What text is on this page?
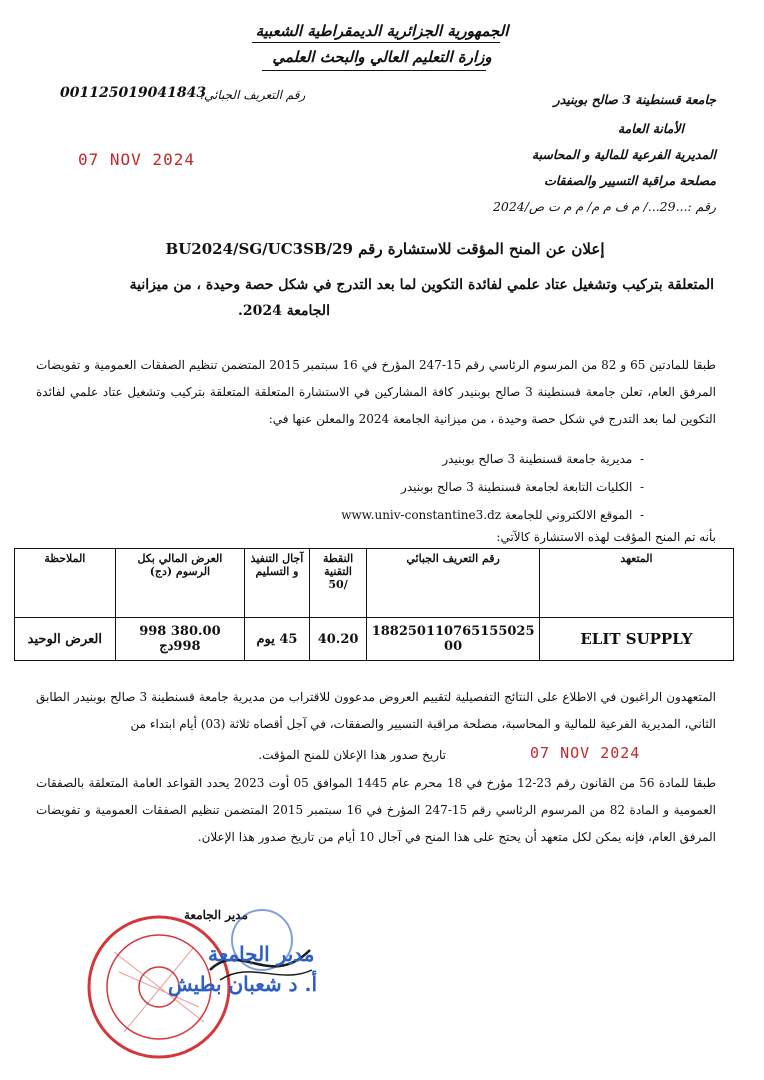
الجمهورية الجزائرية الديمقراطية الشعبية
وزارة التعليم العالي والبحث العلمي
001125019041843
رقم التعريف الجبائي:
07 NOV 2024
جامعة قسنطينة 3 صالح بوبنيدر
الأمانة العامة
المديرية الفرعية للمالية و المحاسبة
مصلحة مراقبة التسيير والصفقات
رقم :...29.../ م ف م م/ م م ت ص/2024
إعلان عن المنح المؤقت للاستشارة رقم BU2024/SG/UC3SB/29
المتعلقة بتركيب وتشغيل عتاد علمي لفائدة التكوين لما بعد التدرج في شكل حصة وحيدة ، من ميزانية
الجامعة 2024.
طبقا للمادتين 65 و 82 من المرسوم الرئاسي رقم 15-247 المؤرخ في 16 سبتمبر 2015 المتضمن تنظيم الصفقات العمومية و تفويضات المرفق العام، تعلن جامعة قسنطينة 3 صالح بوبنيدر كافة المشاركين في الاستشارة المتعلقة المتعلقة بتركيب وتشغيل عتاد علمي لفائدة التكوين لما بعد التدرج في شكل حصة وحيدة ، من ميزانية الجامعة 2024 والمعلن عنها في:
-  مديرية جامعة قسنطينة 3 صالح بوبنيدر
-  الكليات التابعة لجامعة قسنطينة 3 صالح بوبنيدر
-  الموقع الالكتروني للجامعة www.univ-constantine3.dz
بأنه تم المنح المؤقت لهذه الاستشارة كالآتي:
المتعهد	رقم التعريف الجبائي	النقطة التقنية /50	آجال التنفيذ و التسليم	العرض المالي بكل الرسوم (دج)	الملاحظة
ELIT SUPPLY	188250110765155025​00	40.20	45 يوم	380.00 998 998دج	العرض الوحيد
المتعهدون الراغبون في الاطلاع على النتائج التفصيلية لتقييم العروض مدعوون للاقتراب من مديرية جامعة قسنطينة 3 صالح بوبنيدر الطابق الثاني، المديرية الفرعية للمالية و المحاسبة، مصلحة مراقبة التسيير والصفقات، في آجل أقصاه ثلاثة (03) أيام ابتداء من
تاريخ صدور هذا الإعلان للمنح المؤقت.	07 NOV 2024
طبقا للمادة 56 من القانون رقم 23-12 مؤرخ في 18 محرم عام 1445 الموافق 05 أوت 2023 يحدد القواعد العامة المتعلقة بالصفقات العمومية و المادة 82 من المرسوم الرئاسي رقم 15-247 المؤرخ في 16 سبتمبر 2015 المتضمن تنظيم الصفقات العمومية و تفويضات المرفق العام، فإنه يمكن لكل متعهد أن يحتج على هذا المنح في آجال 10 أيام من تاريخ صدور هذا الإعلان.
مدير الجامعة
مدير الجامعة
أ. د شعبان بطيش
